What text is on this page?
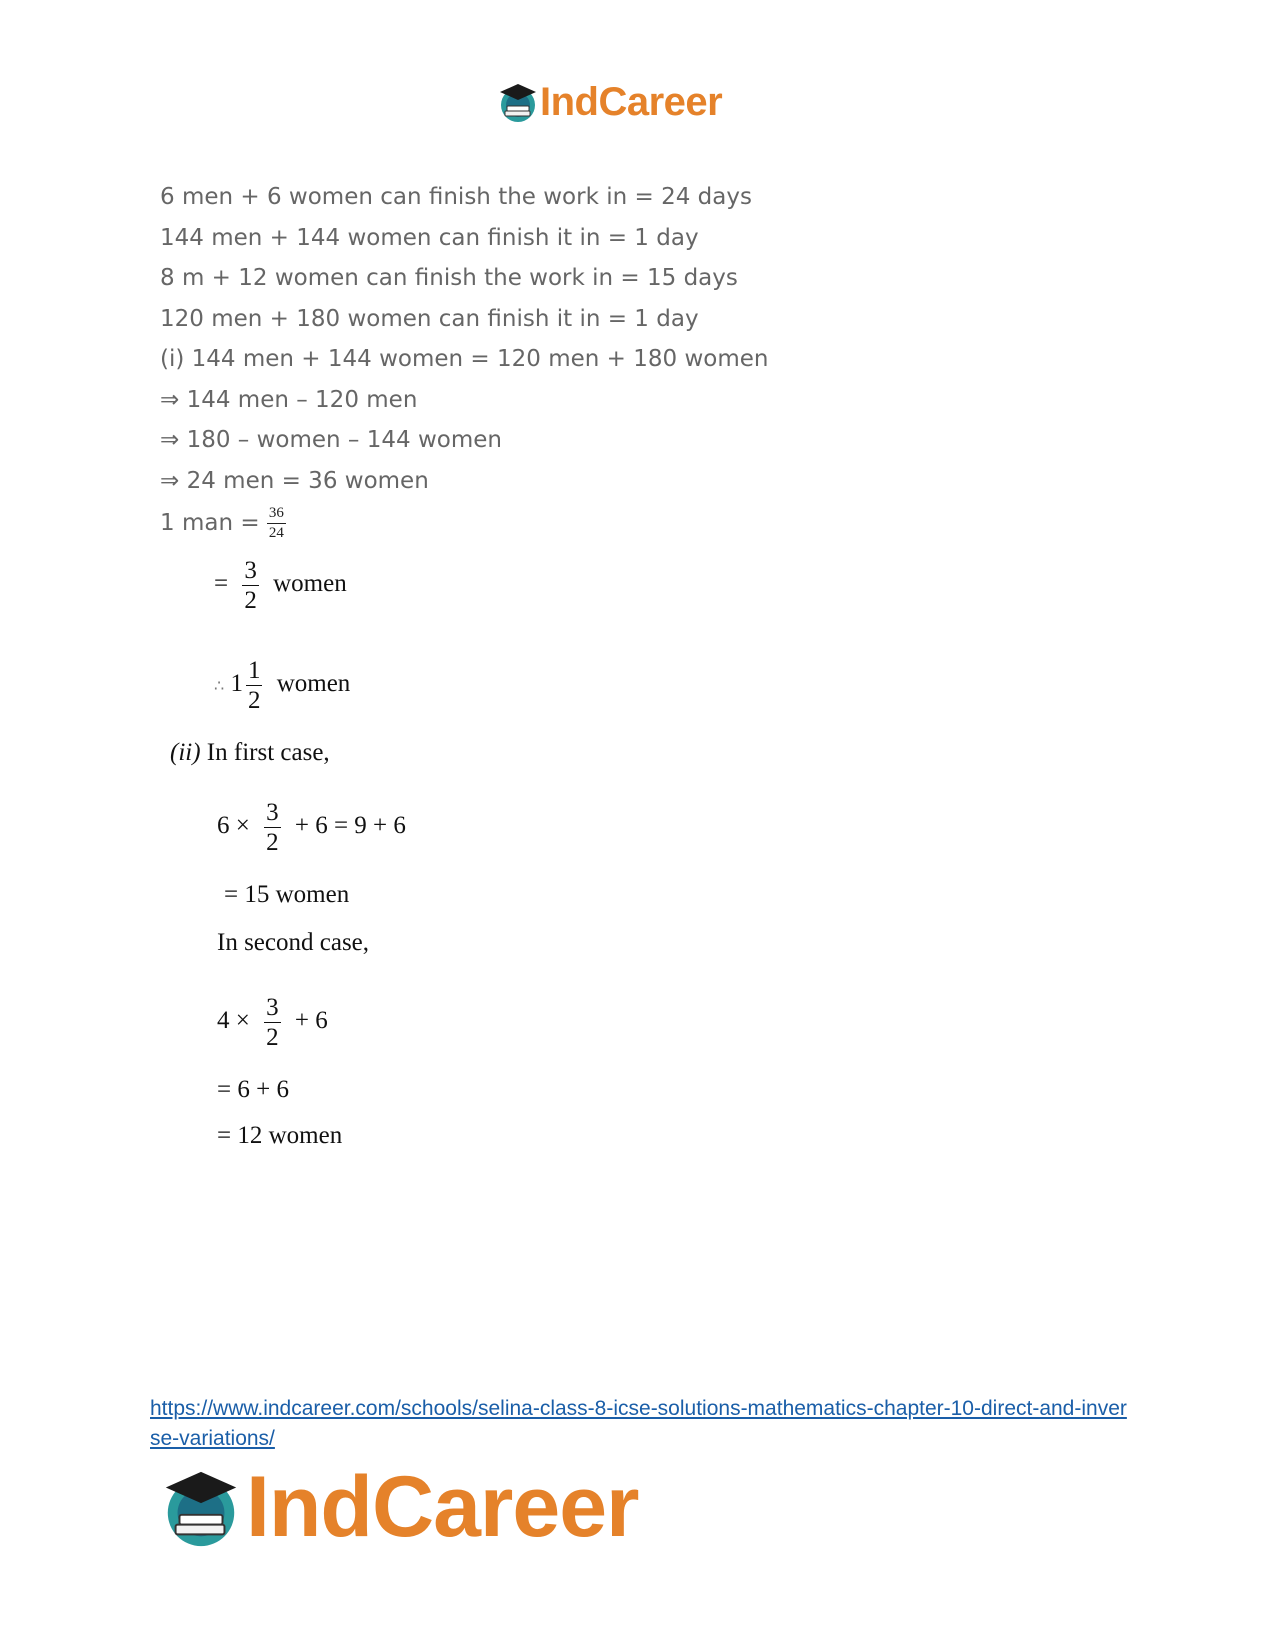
IndCareer
6 men + 6 women can finish the work in = 24 days
144 men + 144 women can finish it in = 1 day
8 m + 12 women can finish the work in = 15 days
120 men + 180 women can finish it in = 1 day
(i) 144 men + 144 women = 120 men + 180 women
⇒ 144 men – 120 men
⇒ 180 – women – 144 women
⇒ 24 men = 36 women
1 man = $\frac{36}{24}$
= $\frac{3}{2}$ women
∴ $1 \frac{1}{2}$ women
(ii) In first case,
$6 \times \frac{3}{2} + 6 = 9 + 6$
= 15 women
In second case,
$4 \times \frac{3}{2} + 6$
= 6 + 6
= 12 women
https://www.indcareer.com/schools/selina-class-8-icse-solutions-mathematics-chapter-10-direct-and-inverse-variations/
IndCareer
